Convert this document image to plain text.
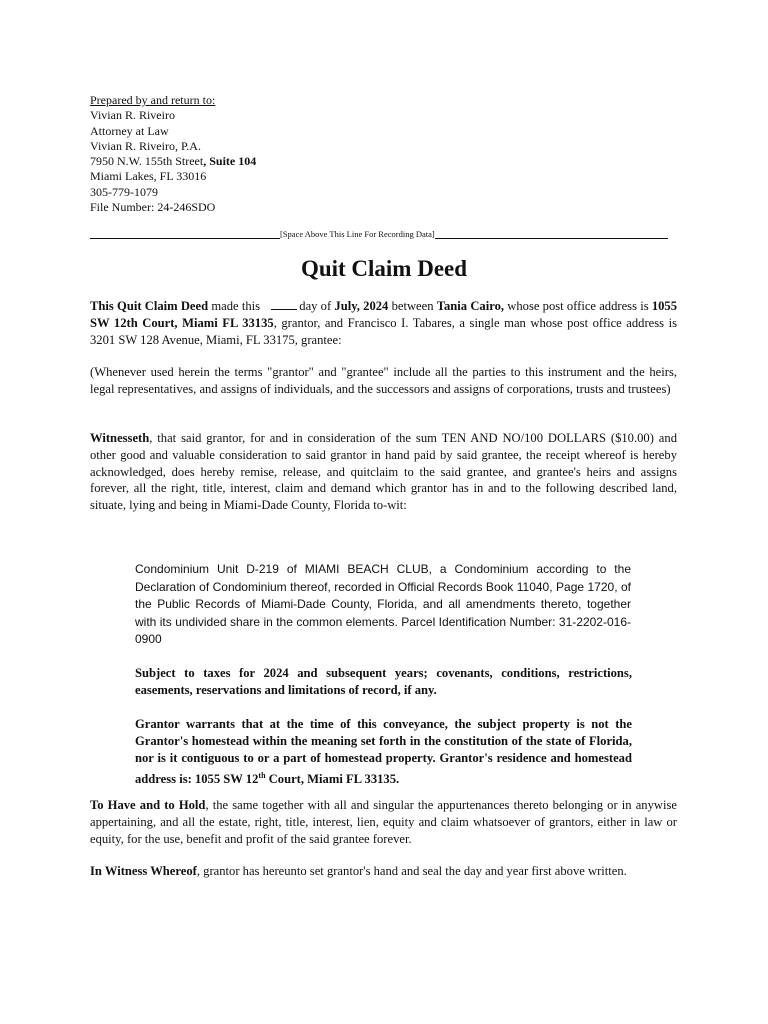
Prepared by and return to:
Vivian R. Riveiro
Attorney at Law
Vivian R. Riveiro, P.A.
7950 N.W. 155th Street, Suite 104
Miami Lakes, FL 33016
305-779-1079
File Number: 24-246SDO
[Space Above This Line For Recording Data]
Quit Claim Deed
This Quit Claim Deed made this	day of July, 2024 between Tania Cairo, whose post office address is 1055 SW 12th Court, Miami FL 33135, grantor, and Francisco I. Tabares, a single man whose post office address is 3201 SW 128 Avenue, Miami, FL 33175, grantee:
(Whenever used herein the terms "grantor" and "grantee" include all the parties to this instrument and the heirs, legal representatives, and assigns of individuals, and the successors and assigns of corporations, trusts and trustees)
Witnesseth, that said grantor, for and in consideration of the sum TEN AND NO/100 DOLLARS ($10.00) and other good and valuable consideration to said grantor in hand paid by said grantee, the receipt whereof is hereby acknowledged, does hereby remise, release, and quitclaim to the said grantee, and grantee's heirs and assigns forever, all the right, title, interest, claim and demand which grantor has in and to the following described land, situate, lying and being in Miami-Dade County, Florida to-wit:
Condominium Unit D-219 of MIAMI BEACH CLUB, a Condominium according to the Declaration of Condominium thereof, recorded in Official Records Book 11040, Page 1720, of the Public Records of Miami-Dade County, Florida, and all amendments thereto, together with its undivided share in the common elements. Parcel Identification Number: 31-2202-016-0900
Subject to taxes for 2024 and subsequent years; covenants, conditions, restrictions, easements, reservations and limitations of record, if any.
Grantor warrants that at the time of this conveyance, the subject property is not the Grantor's homestead within the meaning set forth in the constitution of the state of Florida, nor is it contiguous to or a part of homestead property. Grantor's residence and homestead address is: 1055 SW 12th Court, Miami FL 33135.
To Have and to Hold, the same together with all and singular the appurtenances thereto belonging or in anywise appertaining, and all the estate, right, title, interest, lien, equity and claim whatsoever of grantors, either in law or equity, for the use, benefit and profit of the said grantee forever.
In Witness Whereof, grantor has hereunto set grantor's hand and seal the day and year first above written.
